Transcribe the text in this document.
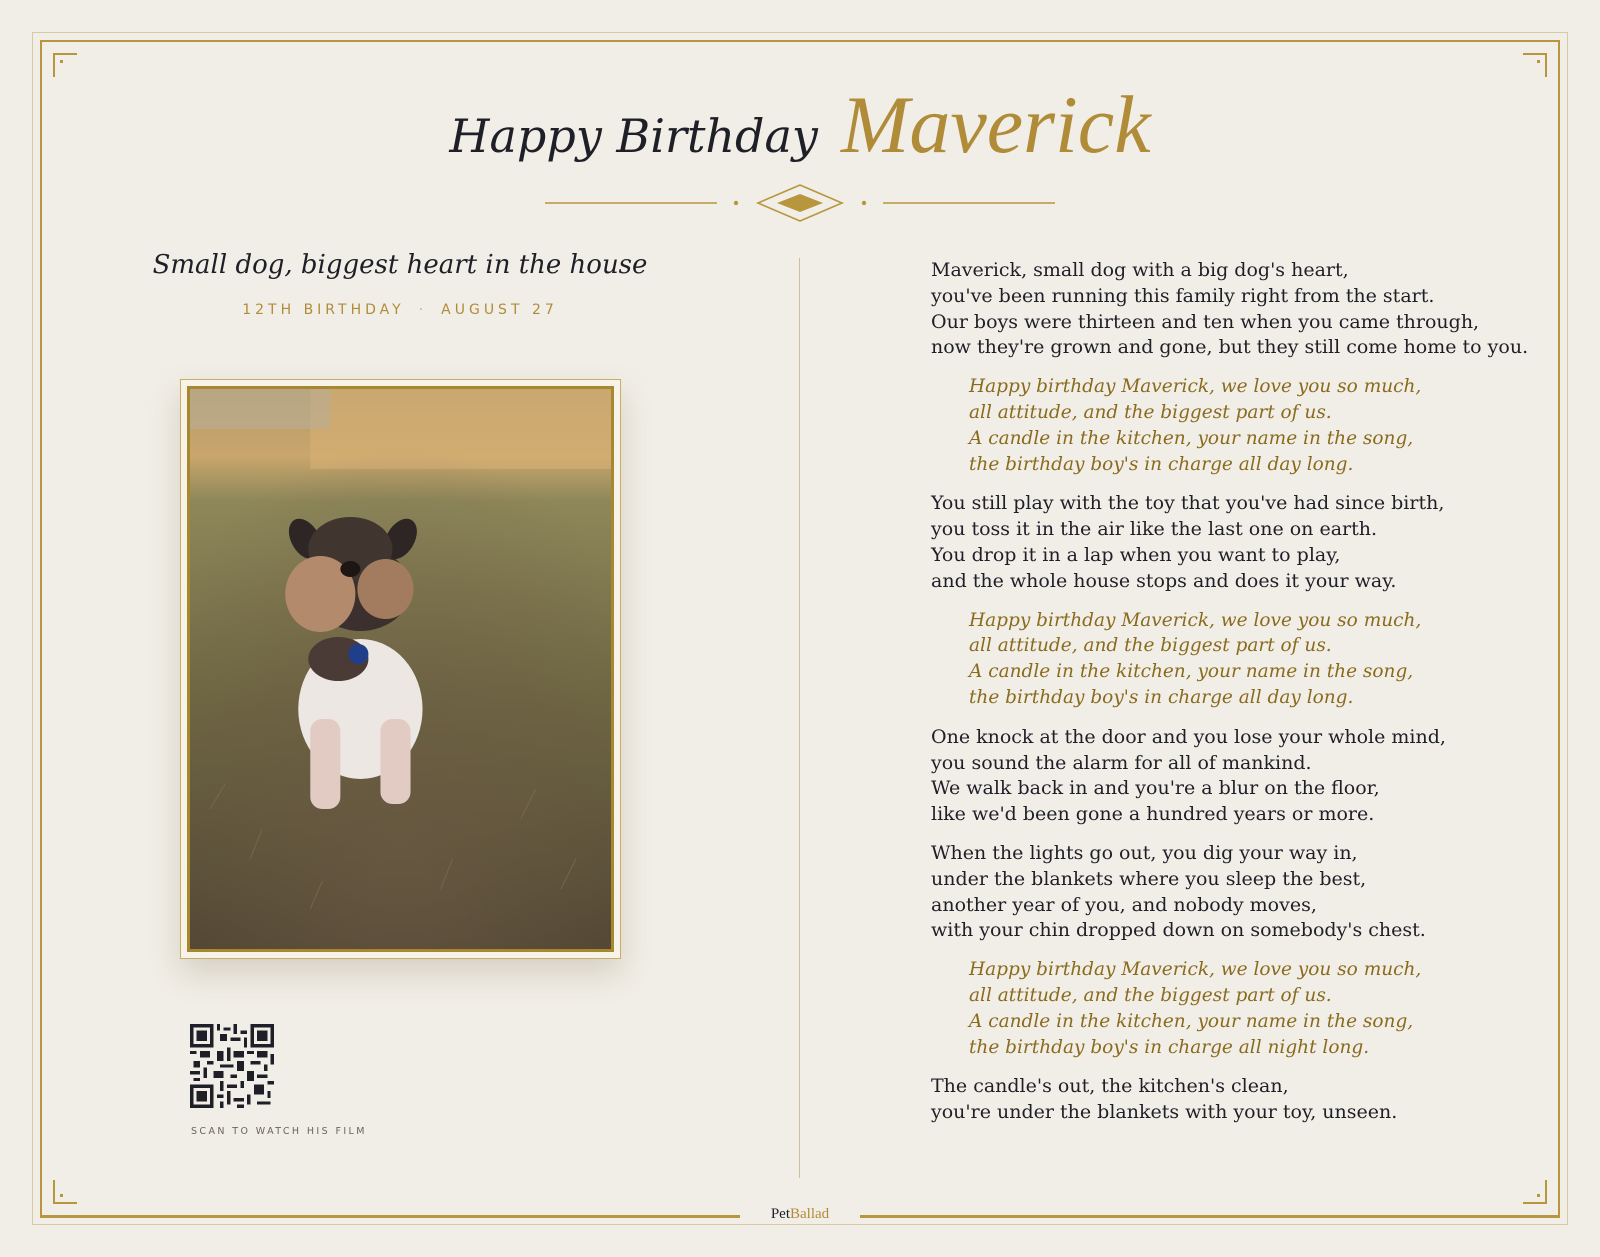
Happy Birthday Maverick
Small dog, biggest heart in the house
12TH BIRTHDAY · AUGUST 27
SCAN TO WATCH HIS FILM
Maverick, small dog with a big dog's heart,
you've been running this family right from the start.
Our boys were thirteen and ten when you came through,
now they're grown and gone, but they still come home to you.
Happy birthday Maverick, we love you so much,
all attitude, and the biggest part of us.
A candle in the kitchen, your name in the song,
the birthday boy's in charge all day long.
You still play with the toy that you've had since birth,
you toss it in the air like the last one on earth.
You drop it in a lap when you want to play,
and the whole house stops and does it your way.
Happy birthday Maverick, we love you so much,
all attitude, and the biggest part of us.
A candle in the kitchen, your name in the song,
the birthday boy's in charge all day long.
One knock at the door and you lose your whole mind,
you sound the alarm for all of mankind.
We walk back in and you're a blur on the floor,
like we'd been gone a hundred years or more.
When the lights go out, you dig your way in,
under the blankets where you sleep the best,
another year of you, and nobody moves,
with your chin dropped down on somebody's chest.
Happy birthday Maverick, we love you so much,
all attitude, and the biggest part of us.
A candle in the kitchen, your name in the song,
the birthday boy's in charge all night long.
The candle's out, the kitchen's clean,
you're under the blankets with your toy, unseen.
PetBallad
